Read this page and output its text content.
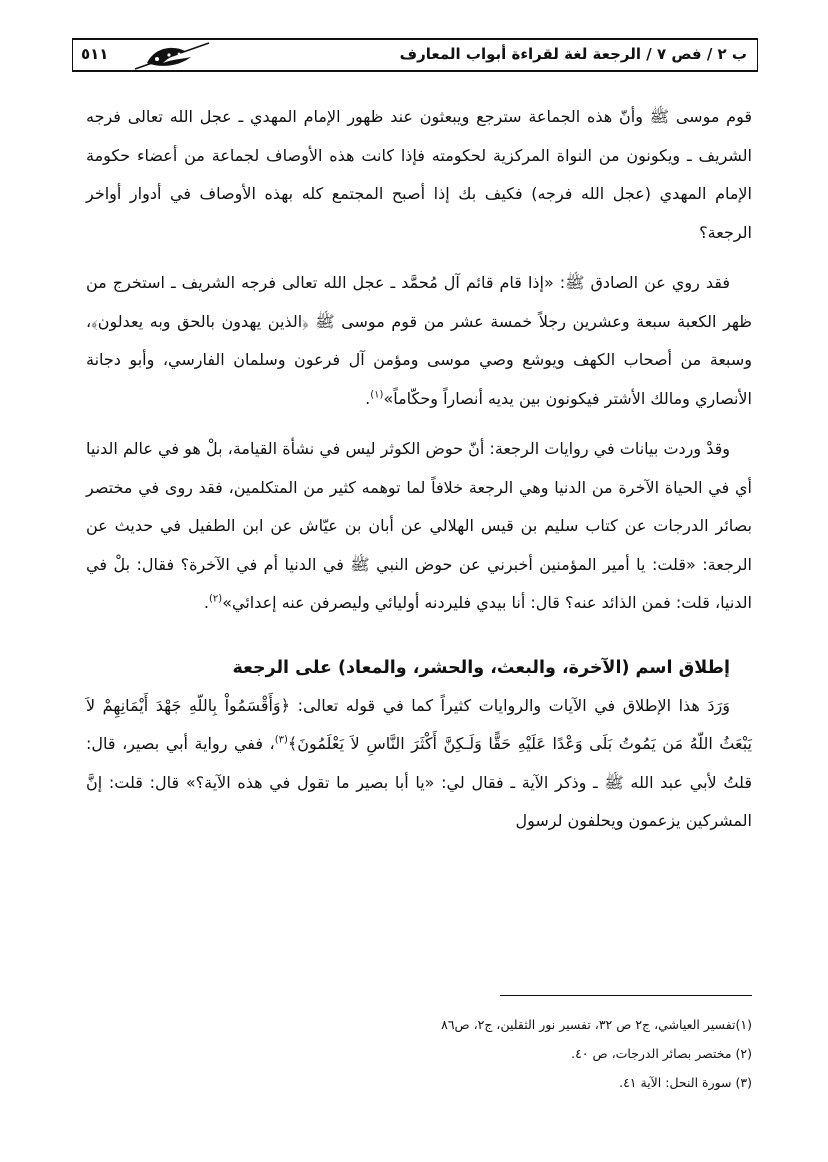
ب ٢ / فص ٧ / الرجعة لغة لقراءة أبواب المعارف
٥١١

قوم موسى ﷺ وأنّ هذه الجماعة سترجع ويبعثون عند ظهور الإمام المهدي ـ عجل الله تعالى فرجه الشريف ـ ويكونون من النواة المركزية لحكومته فإذا كانت هذه الأوصاف لجماعة من أعضاء حكومة الإمام المهدي (عجل الله فرجه) فكيف بك إذا أصبح المجتمع كله بهذه الأوصاف في أدوار أواخر الرجعة؟

فقد روي عن الصادق ﷺ: «إذا قام قائم آل مُحمَّد ـ عجل الله تعالى فرجه الشريف ـ استخرج من ظهر الكعبة سبعة وعشرين رجلاً خمسة عشر من قوم موسى ﷺ ﴿الذين يهدون بالحق وبه يعدلون﴾، وسبعة من أصحاب الكهف ويوشع وصي موسى ومؤمن آل فرعون وسلمان الفارسي، وأبو دجانة الأنصاري ومالك الأشتر فيكونون بين يديه أنصاراً وحكّاماً»$^{(١)}$.

وقدْ وردت بيانات في روايات الرجعة: أنّ حوض الكوثر ليس في نشأة القيامة، بلْ هو في عالم الدنيا أي في الحياة الآخرة من الدنيا وهي الرجعة خلافاً لما توهمه كثير من المتكلمين، فقد روى في مختصر بصائر الدرجات عن كتاب سليم بن قيس الهلالي عن أبان بن عيّاش عن ابن الطفيل في حديث عن الرجعة: «قلت: يا أمير المؤمنين أخبرني عن حوض النبي ﷺ في الدنيا أم في الآخرة؟ فقال: بلْ في الدنيا، قلت: فمن الذائد عنه؟ قال: أنا بيدي فليردنه أوليائي وليصرفن عنه إعدائي»$^{(٢)}$.

إطلاق اسم (الآخرة، والبعث، والحشر، والمعاد) على الرجعة

وَرَدَ هذا الإطلاق في الآيات والروايات كثيراً كما في قوله تعالى: ﴿وَأَقْسَمُواْ بِاللّهِ جَهْدَ أَيْمَانِهِمْ لاَ يَبْعَثُ اللّهُ مَن يَمُوتُ بَلَى وَعْدًا عَلَيْهِ حَقًّا وَلَـكِنَّ أَكْثَرَ النَّاسِ لاَ يَعْلَمُونَ﴾$^{(٣)}$، ففي رواية أبي بصير، قال: قلتُ لأبي عبد الله ﷺ ـ وذكر الآية ـ فقال لي: «يا أبا بصير ما تقول في هذه الآية؟» قال: قلت: إنَّ المشركين يزعمون ويحلفون لرسول

(١)تفسير العياشي، ج٢ ص ٣٢، تفسير نور الثقلين، ج٢، ص٨٦
(٢) مختصر بصائر الدرجات، ص ٤٠.
(٣) سورة النحل: الآية ٤١.
